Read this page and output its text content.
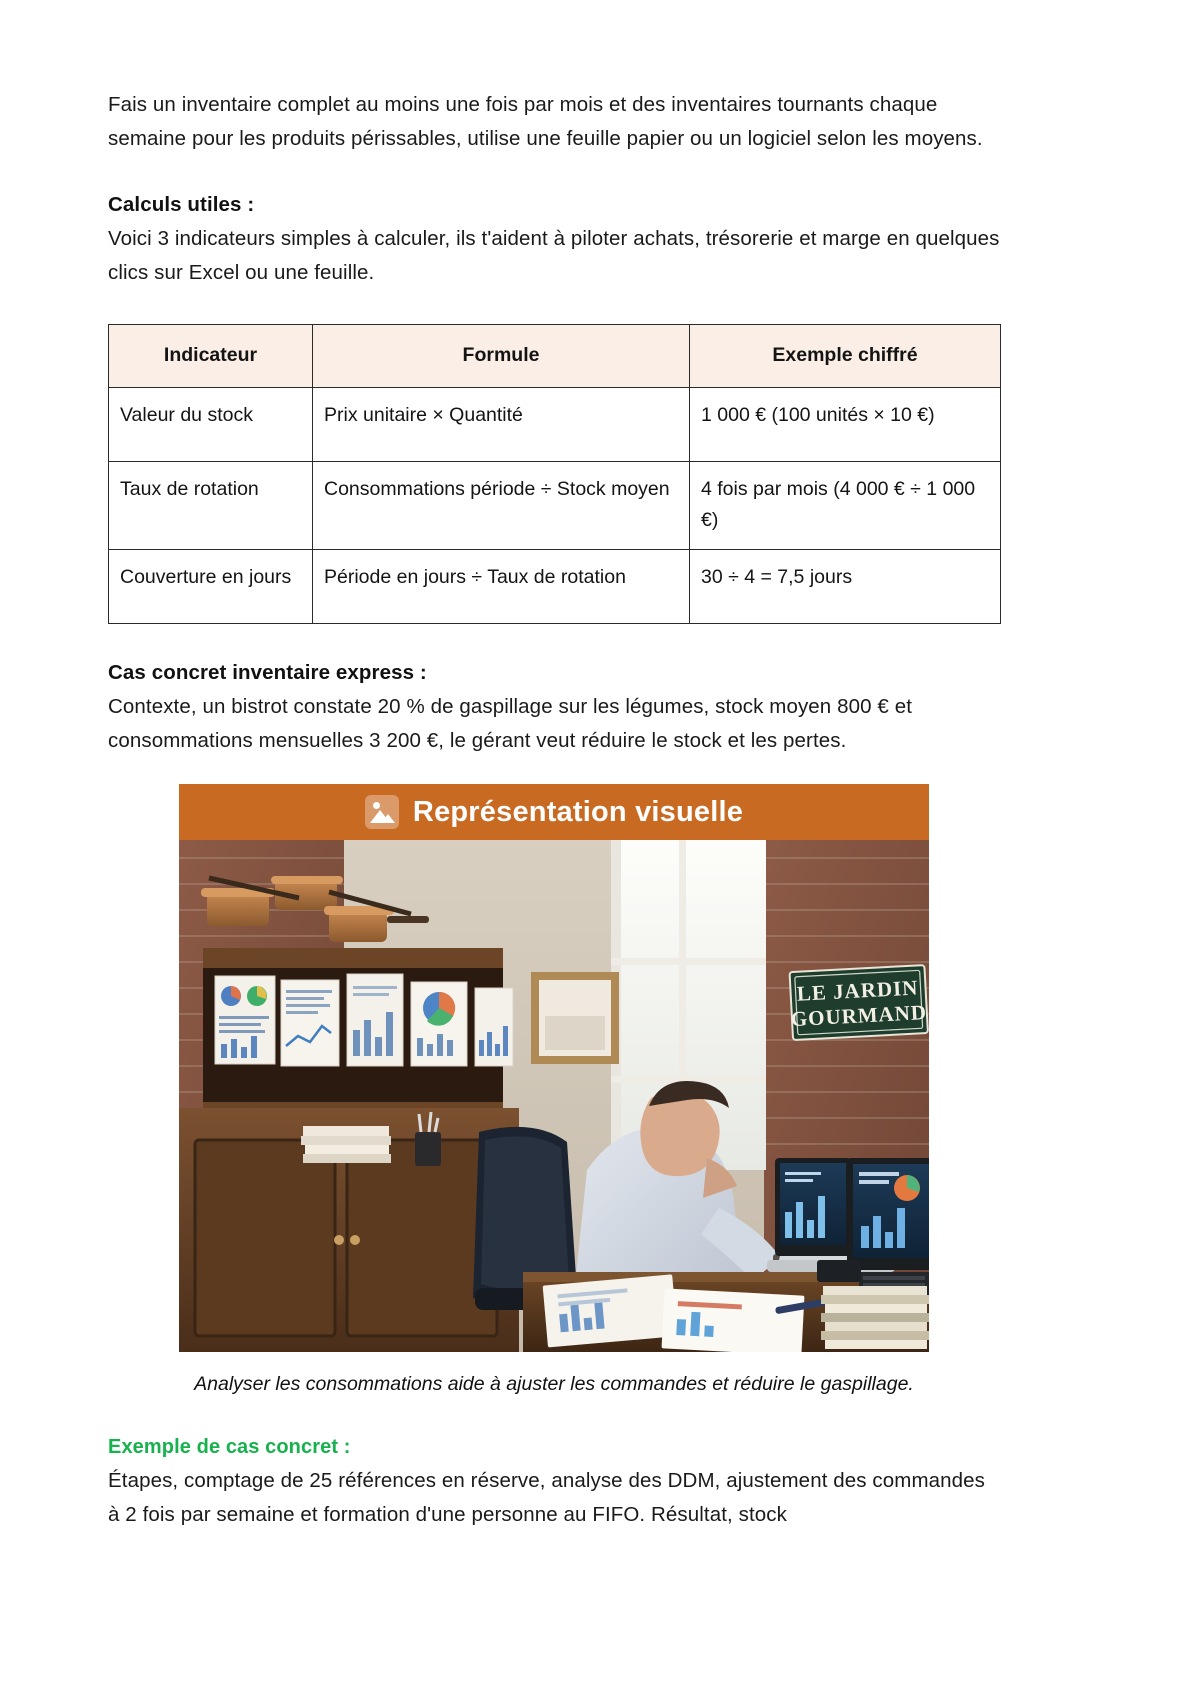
Fais un inventaire complet au moins une fois par mois et des inventaires tournants chaque semaine pour les produits périssables, utilise une feuille papier ou un logiciel selon les moyens.

Calculs utiles :

Voici 3 indicateurs simples à calculer, ils t'aident à piloter achats, trésorerie et marge en quelques clics sur Excel ou une feuille.

Indicateur	Formule	Exemple chiffré
Valeur du stock	Prix unitaire × Quantité	1 000 € (100 unités × 10 €)
Taux de rotation	Consommations période ÷ Stock moyen	4 fois par mois (4 000 € ÷ 1 000 €)
Couverture en jours	Période en jours ÷ Taux de rotation	30 ÷ 4 = 7,5 jours
Cas concret inventaire express :

Contexte, un bistrot constate 20 % de gaspillage sur les légumes, stock moyen 800 € et consommations mensuelles 3 200 €, le gérant veut réduire le stock et les pertes.

Représentation visuelle
LE JARDIN
GOURMAND
Analyser les consommations aide à ajuster les commandes et réduire le gaspillage.
Exemple de cas concret :

Étapes, comptage de 25 références en réserve, analyse des DDM, ajustement des commandes à 2 fois par semaine et formation d'une personne au FIFO. Résultat, stock
